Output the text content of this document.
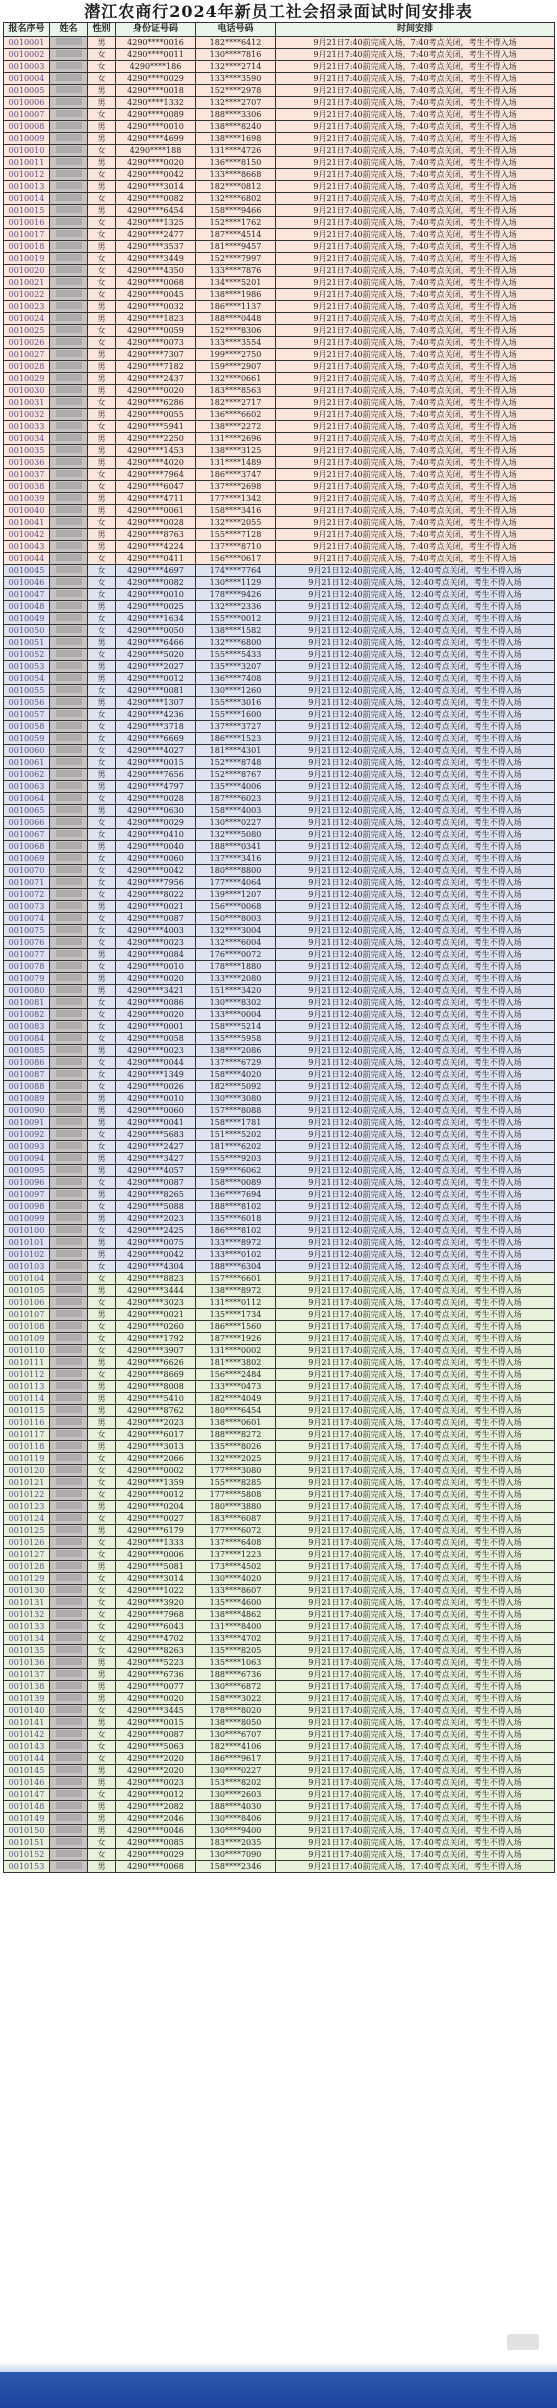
潜江农商行2024年新员工社会招录面试时间安排表
报名序号	姓名	性别	身份证号码	电话号码	时间安排
0010001		男	4290****0016	182****6412	9月21日7:40前完成入场，7:40考点关闭，考生不得入场
0010002		女	4290****0011	130****7816	9月21日7:40前完成入场，7:40考点关闭，考生不得入场
0010003		女	4290****186	132****2714	9月21日7:40前完成入场，7:40考点关闭，考生不得入场
0010004		女	4290****0029	133****3590	9月21日7:40前完成入场，7:40考点关闭，考生不得入场
0010005		男	4290****0018	152****2978	9月21日7:40前完成入场，7:40考点关闭，考生不得入场
0010006		男	4290****1332	132****2707	9月21日7:40前完成入场，7:40考点关闭，考生不得入场
0010007		女	4290****0089	188****3306	9月21日7:40前完成入场，7:40考点关闭，考生不得入场
0010008		男	4290****0010	138****8240	9月21日7:40前完成入场，7:40考点关闭，考生不得入场
0010009		男	4290****4699	138****1698	9月21日7:40前完成入场，7:40考点关闭，考生不得入场
0010010		女	4290****188	131****4726	9月21日7:40前完成入场，7:40考点关闭，考生不得入场
0010011		男	4290****0020	136****8150	9月21日7:40前完成入场，7:40考点关闭，考生不得入场
0010012		女	4290****0042	133****8668	9月21日7:40前完成入场，7:40考点关闭，考生不得入场
0010013		男	4290****3014	182****0812	9月21日7:40前完成入场，7:40考点关闭，考生不得入场
0010014		女	4290****0082	132****6802	9月21日7:40前完成入场，7:40考点关闭，考生不得入场
0010015		男	4290****6454	158****9466	9月21日7:40前完成入场，7:40考点关闭，考生不得入场
0010016		女	4290****1325	152****1762	9月21日7:40前完成入场，7:40考点关闭，考生不得入场
0010017		女	4290****2477	187****4514	9月21日7:40前完成入场，7:40考点关闭，考生不得入场
0010018		男	4290****3537	181****9457	9月21日7:40前完成入场，7:40考点关闭，考生不得入场
0010019		女	4290****3449	152****7997	9月21日7:40前完成入场，7:40考点关闭，考生不得入场
0010020		女	4290****4350	133****7876	9月21日7:40前完成入场，7:40考点关闭，考生不得入场
0010021		女	4290****0068	134****5201	9月21日7:40前完成入场，7:40考点关闭，考生不得入场
0010022		女	4290****0045	138****1986	9月21日7:40前完成入场，7:40考点关闭，考生不得入场
0010023		男	4290****0032	186****1137	9月21日7:40前完成入场，7:40考点关闭，考生不得入场
0010024		男	4290****1823	188****0448	9月21日7:40前完成入场，7:40考点关闭，考生不得入场
0010025		女	4290****0059	152****8306	9月21日7:40前完成入场，7:40考点关闭，考生不得入场
0010026		女	4290****0073	133****3554	9月21日7:40前完成入场，7:40考点关闭，考生不得入场
0010027		男	4290****7307	199****2750	9月21日7:40前完成入场，7:40考点关闭，考生不得入场
0010028		男	4290****7182	159****2907	9月21日7:40前完成入场，7:40考点关闭，考生不得入场
0010029		男	4290****2437	132****0661	9月21日7:40前完成入场，7:40考点关闭，考生不得入场
0010030		男	4290****0020	183****8563	9月21日7:40前完成入场，7:40考点关闭，考生不得入场
0010031		女	4290****6286	182****2717	9月21日7:40前完成入场，7:40考点关闭，考生不得入场
0010032		男	4290****0055	136****6602	9月21日7:40前完成入场，7:40考点关闭，考生不得入场
0010033		女	4290****5941	138****2272	9月21日7:40前完成入场，7:40考点关闭，考生不得入场
0010034		男	4290****2250	131****2696	9月21日7:40前完成入场，7:40考点关闭，考生不得入场
0010035		男	4290****1453	138****3125	9月21日7:40前完成入场，7:40考点关闭，考生不得入场
0010036		男	4290****4020	131****1489	9月21日7:40前完成入场，7:40考点关闭，考生不得入场
0010037		女	4290****7964	186****3747	9月21日7:40前完成入场，7:40考点关闭，考生不得入场
0010038		女	4290****6047	137****2698	9月21日7:40前完成入场，7:40考点关闭，考生不得入场
0010039		男	4290****4711	177****1342	9月21日7:40前完成入场，7:40考点关闭，考生不得入场
0010040		男	4290****0061	158****3416	9月21日7:40前完成入场，7:40考点关闭，考生不得入场
0010041		女	4290****0028	132****2055	9月21日7:40前完成入场，7:40考点关闭，考生不得入场
0010042		男	4290****8763	155****7128	9月21日7:40前完成入场，7:40考点关闭，考生不得入场
0010043		男	4290****4224	137****8710	9月21日7:40前完成入场，7:40考点关闭，考生不得入场
0010044		女	4290****0411	156****0617	9月21日7:40前完成入场，7:40考点关闭，考生不得入场
0010045		女	4290****4697	174****7764	9月21日12:40前完成入场，12:40考点关闭，考生不得入场
0010046		女	4290****0082	130****1129	9月21日12:40前完成入场，12:40考点关闭，考生不得入场
0010047		女	4290****0010	178****9426	9月21日12:40前完成入场，12:40考点关闭，考生不得入场
0010048		男	4290****0025	132****2336	9月21日12:40前完成入场，12:40考点关闭，考生不得入场
0010049		女	4290****1634	155****0012	9月21日12:40前完成入场，12:40考点关闭，考生不得入场
0010050		女	4290****0050	138****1582	9月21日12:40前完成入场，12:40考点关闭，考生不得入场
0010051		男	4290****6466	132****6800	9月21日12:40前完成入场，12:40考点关闭，考生不得入场
0010052		女	4290****5020	155****5433	9月21日12:40前完成入场，12:40考点关闭，考生不得入场
0010053		男	4290****2027	135****3207	9月21日12:40前完成入场，12:40考点关闭，考生不得入场
0010054		男	4290****0012	136****7408	9月21日12:40前完成入场，12:40考点关闭，考生不得入场
0010055		女	4290****0081	130****1260	9月21日12:40前完成入场，12:40考点关闭，考生不得入场
0010056		男	4290****1307	155****3016	9月21日12:40前完成入场，12:40考点关闭，考生不得入场
0010057		女	4290****4236	155****1600	9月21日12:40前完成入场，12:40考点关闭，考生不得入场
0010058		女	4290****3718	137****3727	9月21日12:40前完成入场，12:40考点关闭，考生不得入场
0010059		女	4290****6669	186****1523	9月21日12:40前完成入场，12:40考点关闭，考生不得入场
0010060		女	4290****4027	181****4301	9月21日12:40前完成入场，12:40考点关闭，考生不得入场
0010061		女	4290****0015	152****8748	9月21日12:40前完成入场，12:40考点关闭，考生不得入场
0010062		男	4290****7656	152****8767	9月21日12:40前完成入场，12:40考点关闭，考生不得入场
0010063		男	4290****4797	135****4006	9月21日12:40前完成入场，12:40考点关闭，考生不得入场
0010064		女	4290****0028	187****6023	9月21日12:40前完成入场，12:40考点关闭，考生不得入场
0010065		男	4290****0630	158****4003	9月21日12:40前完成入场，12:40考点关闭，考生不得入场
0010066		女	4290****0029	130****0227	9月21日12:40前完成入场，12:40考点关闭，考生不得入场
0010067		女	4290****0410	132****5080	9月21日12:40前完成入场，12:40考点关闭，考生不得入场
0010068		男	4290****0040	188****0341	9月21日12:40前完成入场，12:40考点关闭，考生不得入场
0010069		女	4290****0060	137****3416	9月21日12:40前完成入场，12:40考点关闭，考生不得入场
0010070		女	4290****0042	180****8800	9月21日12:40前完成入场，12:40考点关闭，考生不得入场
0010071		女	4290****7956	177****4064	9月21日12:40前完成入场，12:40考点关闭，考生不得入场
0010072		女	4290****8022	139****1207	9月21日12:40前完成入场，12:40考点关闭，考生不得入场
0010073		男	4290****0021	156****0068	9月21日12:40前完成入场，12:40考点关闭，考生不得入场
0010074		女	4290****0087	150****8003	9月21日12:40前完成入场，12:40考点关闭，考生不得入场
0010075		女	4290****4003	132****3004	9月21日12:40前完成入场，12:40考点关闭，考生不得入场
0010076		女	4290****0023	132****6004	9月21日12:40前完成入场，12:40考点关闭，考生不得入场
0010077		男	4290****0084	176****0072	9月21日12:40前完成入场，12:40考点关闭，考生不得入场
0010078		女	4290****0010	178****1880	9月21日12:40前完成入场，12:40考点关闭，考生不得入场
0010079		男	4290****0020	133****2080	9月21日12:40前完成入场，12:40考点关闭，考生不得入场
0010080		男	4290****3421	151****3420	9月21日12:40前完成入场，12:40考点关闭，考生不得入场
0010081		女	4290****0086	130****8302	9月21日12:40前完成入场，12:40考点关闭，考生不得入场
0010082		女	4290****0020	133****0004	9月21日12:40前完成入场，12:40考点关闭，考生不得入场
0010083		女	4290****0001	158****5214	9月21日12:40前完成入场，12:40考点关闭，考生不得入场
0010084		女	4290****0058	135****5958	9月21日12:40前完成入场，12:40考点关闭，考生不得入场
0010085		男	4290****0023	138****2086	9月21日12:40前完成入场，12:40考点关闭，考生不得入场
0010086		女	4290****0044	137****6729	9月21日12:40前完成入场，12:40考点关闭，考生不得入场
0010087		女	4290****1349	158****4020	9月21日12:40前完成入场，12:40考点关闭，考生不得入场
0010088		女	4290****0026	182****5092	9月21日12:40前完成入场，12:40考点关闭，考生不得入场
0010089		男	4290****0010	130****3080	9月21日12:40前完成入场，12:40考点关闭，考生不得入场
0010090		男	4290****0060	157****8088	9月21日12:40前完成入场，12:40考点关闭，考生不得入场
0010091		男	4290****0041	158****1781	9月21日12:40前完成入场，12:40考点关闭，考生不得入场
0010092		女	4290****5683	151****5202	9月21日12:40前完成入场，12:40考点关闭，考生不得入场
0010093		女	4290****2427	181****6202	9月21日12:40前完成入场，12:40考点关闭，考生不得入场
0010094		男	4290****3427	155****9203	9月21日12:40前完成入场，12:40考点关闭，考生不得入场
0010095		男	4290****4057	159****6062	9月21日12:40前完成入场，12:40考点关闭，考生不得入场
0010096		女	4290****0087	158****0089	9月21日12:40前完成入场，12:40考点关闭，考生不得入场
0010097		男	4290****8265	136****7694	9月21日12:40前完成入场，12:40考点关闭，考生不得入场
0010098		女	4290****5088	188****8102	9月21日12:40前完成入场，12:40考点关闭，考生不得入场
0010099		男	4290****2023	135****6018	9月21日12:40前完成入场，12:40考点关闭，考生不得入场
0010100		女	4290****2425	186****8102	9月21日12:40前完成入场，12:40考点关闭，考生不得入场
0010101		男	4290****0075	133****8972	9月21日12:40前完成入场，12:40考点关闭，考生不得入场
0010102		男	4290****0042	133****0102	9月21日12:40前完成入场，12:40考点关闭，考生不得入场
0010103		女	4290****4304	188****6304	9月21日12:40前完成入场，12:40考点关闭，考生不得入场
0010104		女	4290****8823	157****6601	9月21日17:40前完成入场，17:40考点关闭，考生不得入场
0010105		男	4290****3444	138****8972	9月21日17:40前完成入场，17:40考点关闭，考生不得入场
0010106		女	4290****3023	131****0112	9月21日17:40前完成入场，17:40考点关闭，考生不得入场
0010107		男	4290****0021	135****1734	9月21日17:40前完成入场，17:40考点关闭，考生不得入场
0010108		女	4290****0260	186****1560	9月21日17:40前完成入场，17:40考点关闭，考生不得入场
0010109		女	4290****1792	187****1926	9月21日17:40前完成入场，17:40考点关闭，考生不得入场
0010110		女	4290****3907	131****0002	9月21日17:40前完成入场，17:40考点关闭，考生不得入场
0010111		男	4290****6626	181****3802	9月21日17:40前完成入场，17:40考点关闭，考生不得入场
0010112		女	4290****8669	156****2484	9月21日17:40前完成入场，17:40考点关闭，考生不得入场
0010113		男	4290****8008	133****0473	9月21日17:40前完成入场，17:40考点关闭，考生不得入场
0010114		男	4290****5410	182****4049	9月21日17:40前完成入场，17:40考点关闭，考生不得入场
0010115		男	4290****8762	180****6454	9月21日17:40前完成入场，17:40考点关闭，考生不得入场
0010116		男	4290****2023	138****0601	9月21日17:40前完成入场，17:40考点关闭，考生不得入场
0010117		女	4290****6017	188****8272	9月21日17:40前完成入场，17:40考点关闭，考生不得入场
0010118		男	4290****3013	135****8026	9月21日17:40前完成入场，17:40考点关闭，考生不得入场
0010119		女	4290****2066	132****2025	9月21日17:40前完成入场，17:40考点关闭，考生不得入场
0010120		女	4290****0002	177****3080	9月21日17:40前完成入场，17:40考点关闭，考生不得入场
0010121		女	4290****1359	155****8285	9月21日17:40前完成入场，17:40考点关闭，考生不得入场
0010122		女	4290****0012	177****5808	9月21日17:40前完成入场，17:40考点关闭，考生不得入场
0010123		男	4290****0204	180****3880	9月21日17:40前完成入场，17:40考点关闭，考生不得入场
0010124		女	4290****0027	183****6087	9月21日17:40前完成入场，17:40考点关闭，考生不得入场
0010125		男	4290****6179	177****6072	9月21日17:40前完成入场，17:40考点关闭，考生不得入场
0010126		女	4290****1333	137****6408	9月21日17:40前完成入场，17:40考点关闭，考生不得入场
0010127		女	4290****0006	137****1223	9月21日17:40前完成入场，17:40考点关闭，考生不得入场
0010128		男	4290****5081	173****4502	9月21日17:40前完成入场，17:40考点关闭，考生不得入场
0010129		女	4290****3014	130****4020	9月21日17:40前完成入场，17:40考点关闭，考生不得入场
0010130		女	4290****1022	133****8607	9月21日17:40前完成入场，17:40考点关闭，考生不得入场
0010131		女	4290****3920	135****4600	9月21日17:40前完成入场，17:40考点关闭，考生不得入场
0010132		女	4290****7968	138****4862	9月21日17:40前完成入场，17:40考点关闭，考生不得入场
0010133		女	4290****6043	131****8400	9月21日17:40前完成入场，17:40考点关闭，考生不得入场
0010134		女	4290****4702	133****4702	9月21日17:40前完成入场，17:40考点关闭，考生不得入场
0010135		女	4290****8263	135****8205	9月21日17:40前完成入场，17:40考点关闭，考生不得入场
0010136		男	4290****5223	135****1063	9月21日17:40前完成入场，17:40考点关闭，考生不得入场
0010137		男	4290****6736	188****6736	9月21日17:40前完成入场，17:40考点关闭，考生不得入场
0010138		男	4290****0077	130****6872	9月21日17:40前完成入场，17:40考点关闭，考生不得入场
0010139		男	4290****0020	158****3022	9月21日17:40前完成入场，17:40考点关闭，考生不得入场
0010140		女	4290****3445	178****8020	9月21日17:40前完成入场，17:40考点关闭，考生不得入场
0010141		男	4290****0015	138****8050	9月21日17:40前完成入场，17:40考点关闭，考生不得入场
0010142		女	4290****0087	130****6707	9月21日17:40前完成入场，17:40考点关闭，考生不得入场
0010143		女	4290****5063	182****4106	9月21日17:40前完成入场，17:40考点关闭，考生不得入场
0010144		女	4290****2020	186****9617	9月21日17:40前完成入场，17:40考点关闭，考生不得入场
0010145		男	4290****2020	130****0227	9月21日17:40前完成入场，17:40考点关闭，考生不得入场
0010146		男	4290****0023	153****8202	9月21日17:40前完成入场，17:40考点关闭，考生不得入场
0010147		女	4290****0012	130****2603	9月21日17:40前完成入场，17:40考点关闭，考生不得入场
0010148		男	4290****2082	188****4030	9月21日17:40前完成入场，17:40考点关闭，考生不得入场
0010149		男	4290****2046	130****8406	9月21日17:40前完成入场，17:40考点关闭，考生不得入场
0010150		男	4290****0046	130****9400	9月21日17:40前完成入场，17:40考点关闭，考生不得入场
0010151		女	4290****0085	183****2035	9月21日17:40前完成入场，17:40考点关闭，考生不得入场
0010152		女	4290****0029	130****7090	9月21日17:40前完成入场，17:40考点关闭，考生不得入场
0010153		男	4290****0068	158****2346	9月21日17:40前完成入场，17:40考点关闭，考生不得入场
